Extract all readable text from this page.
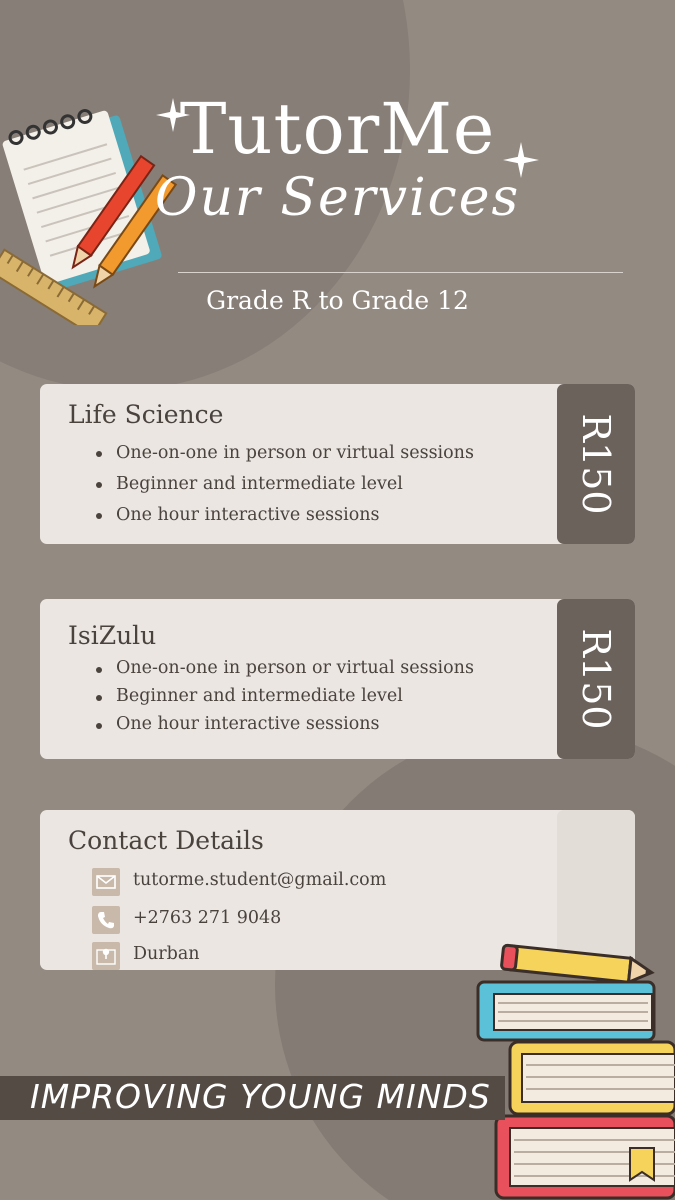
TutorMe
Our Services
Grade R to Grade 12
Life Science
One-on-one in person or virtual sessions
Beginner and intermediate level
One hour interactive sessions
R150
IsiZulu
One-on-one in person or virtual sessions
Beginner and intermediate level
One hour interactive sessions	R150
Contact Details
tutorme.student@gmail.com
+2763 271 9048
Durban
IMPROVING YOUNG MINDS
